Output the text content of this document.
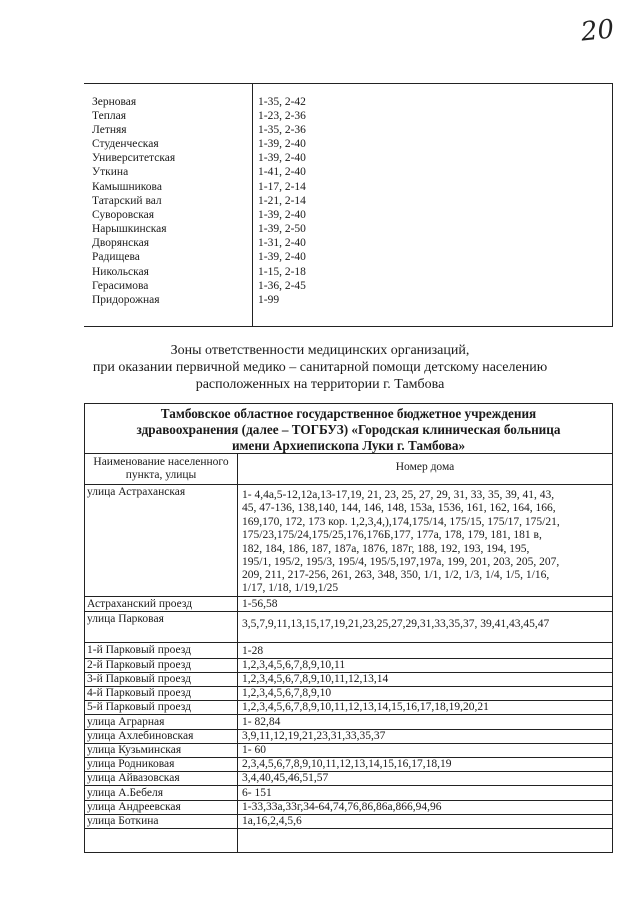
20
Зерновая	1-35, 2-42
Теплая	1-23, 2-36
Летняя	1-35, 2-36
Студенческая	1-39, 2-40
Университетская	1-39, 2-40
Уткина	1-41, 2-40
Камышникова	1-17, 2-14
Татарский вал	1-21, 2-14
Суворовская	1-39, 2-40
Нарышкинская	1-39, 2-50
Дворянская	1-31, 2-40
Радищева	1-39, 2-40
Никольская	1-15, 2-18
Герасимова	1-36, 2-45
Придорожная	1-99
Зоны ответственности медицинских организаций,
при оказании первичной медико – санитарной помощи детскому населению
расположенных на территории г. Тамбова
Тамбовское областное государственное бюджетное учреждения
здравоохранения (далее – ТОГБУЗ) «Городская клиническая больница
имени Архиепископа Луки г. Тамбова»
Наименование населенного
пункта, улицы
Номер дома
улица Астраханская	1- 4,4а,5-12,12а,13-17,19, 21, 23, 25, 27, 29, 31, 33, 35, 39, 41, 43,
45, 47-136, 138,140, 144, 146, 148, 153а, 1536, 161, 162, 164, 166,
169,170, 172, 173 кор. 1,2,3,4,),174,175/14, 175/15, 175/17, 175/21,
175/23,175/24,175/25,176,176Б,177, 177а, 178, 179, 181, 181 в,
182, 184, 186, 187, 187а, 1876, 187г, 188, 192, 193, 194, 195,
195/1, 195/2, 195/3, 195/4, 195/5,197,197а, 199, 201, 203, 205, 207,
209, 211, 217-256, 261, 263, 348, 350, 1/1, 1/2, 1/3, 1/4, 1/5, 1/16,
1/17, 1/18, 1/19,1/25
Астраханский проезд	1-56,58
улица Парковая	3,5,7,9,11,13,15,17,19,21,23,25,27,29,31,33,35,37, 39,41,43,45,47
1-й Парковый проезд	1-28
2-й Парковый проезд	1,2,3,4,5,6,7,8,9,10,11
3-й Парковый проезд	1,2,3,4,5,6,7,8,9,10,11,12,13,14
4-й Парковый проезд	1,2,3,4,5,6,7,8,9,10
5-й Парковый проезд	1,2,3,4,5,6,7,8,9,10,11,12,13,14,15,16,17,18,19,20,21
улица Аграрная	1- 82,84
улица Ахлебиновская	3,9,11,12,19,21,23,31,33,35,37
улица Кузьминская	1- 60
улица Родниковая	2,3,4,5,6,7,8,9,10,11,12,13,14,15,16,17,18,19
улица Айвазовская	3,4,40,45,46,51,57
улица А.Бебеля	6- 151
улица Андреевская	1-33,33а,33г,34-64,74,76,86,86а,866,94,96
улица Боткина	1а,16,2,4,5,6
